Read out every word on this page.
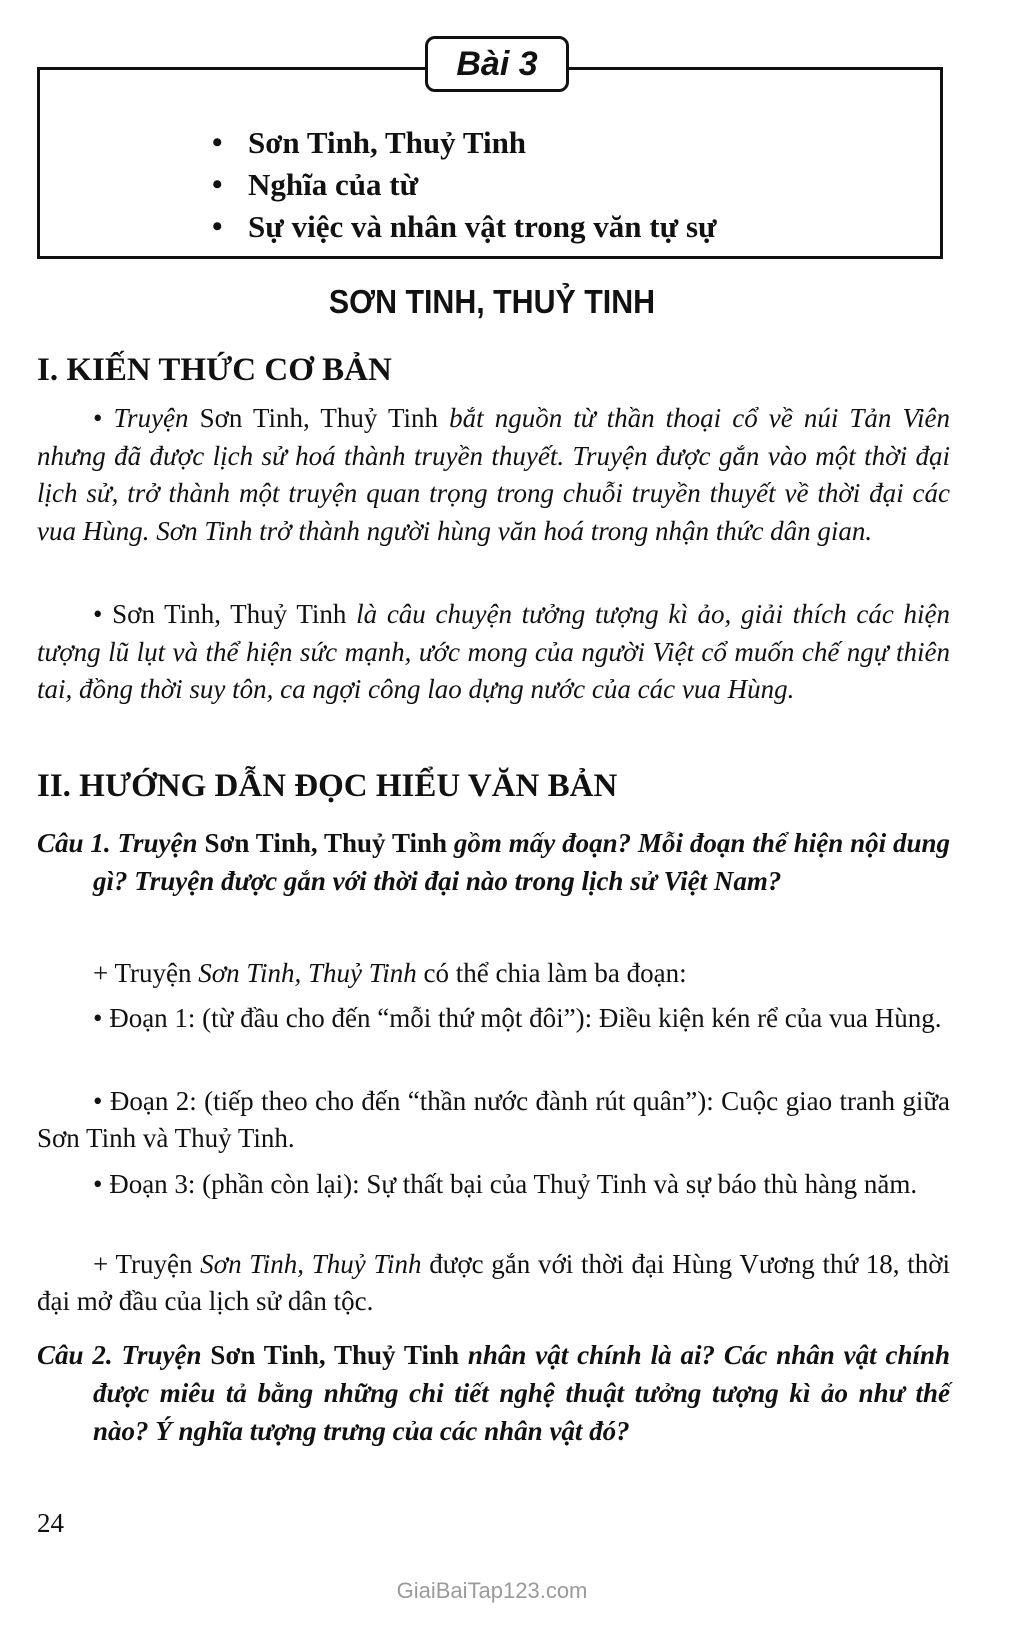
Bài 3
• Sơn Tinh, Thuỷ Tinh
• Nghĩa của từ
• Sự việc và nhân vật trong văn tự sự
SƠN TINH, THUỶ TINH
I. KIẾN THỨC CƠ BẢN

• Truyện Sơn Tinh, Thuỷ Tinh bắt nguồn từ thần thoại cổ về núi Tản Viên nhưng đã được lịch sử hoá thành truyền thuyết. Truyện được gắn vào một thời đại lịch sử, trở thành một truyện quan trọng trong chuỗi truyền thuyết về thời đại các vua Hùng. Sơn Tinh trở thành người hùng văn hoá trong nhận thức dân gian.

• Sơn Tinh, Thuỷ Tinh là câu chuyện tưởng tượng kì ảo, giải thích các hiện tượng lũ lụt và thể hiện sức mạnh, ước mong của người Việt cổ muốn chế ngự thiên tai, đồng thời suy tôn, ca ngợi công lao dựng nước của các vua Hùng.

II. HƯỚNG DẪN ĐỌC HIỂU VĂN BẢN

Câu 1. Truyện Sơn Tinh, Thuỷ Tinh gồm mấy đoạn? Mỗi đoạn thể hiện nội dung gì? Truyện được gắn với thời đại nào trong lịch sử Việt Nam?

+ Truyện Sơn Tinh, Thuỷ Tinh có thể chia làm ba đoạn:

• Đoạn 1: (từ đầu cho đến “mỗi thứ một đôi”): Điều kiện kén rể của vua Hùng.

• Đoạn 2: (tiếp theo cho đến “thần nước đành rút quân”): Cuộc giao tranh giữa Sơn Tinh và Thuỷ Tinh.

• Đoạn 3: (phần còn lại): Sự thất bại của Thuỷ Tinh và sự báo thù hàng năm.

+ Truyện Sơn Tinh, Thuỷ Tinh được gắn với thời đại Hùng Vương thứ 18, thời đại mở đầu của lịch sử dân tộc.

Câu 2. Truyện Sơn Tinh, Thuỷ Tinh nhân vật chính là ai? Các nhân vật chính được miêu tả bằng những chi tiết nghệ thuật tưởng tượng kì ảo như thế nào? Ý nghĩa tượng trưng của các nhân vật đó?

24
GiaiBaiTap123.com
